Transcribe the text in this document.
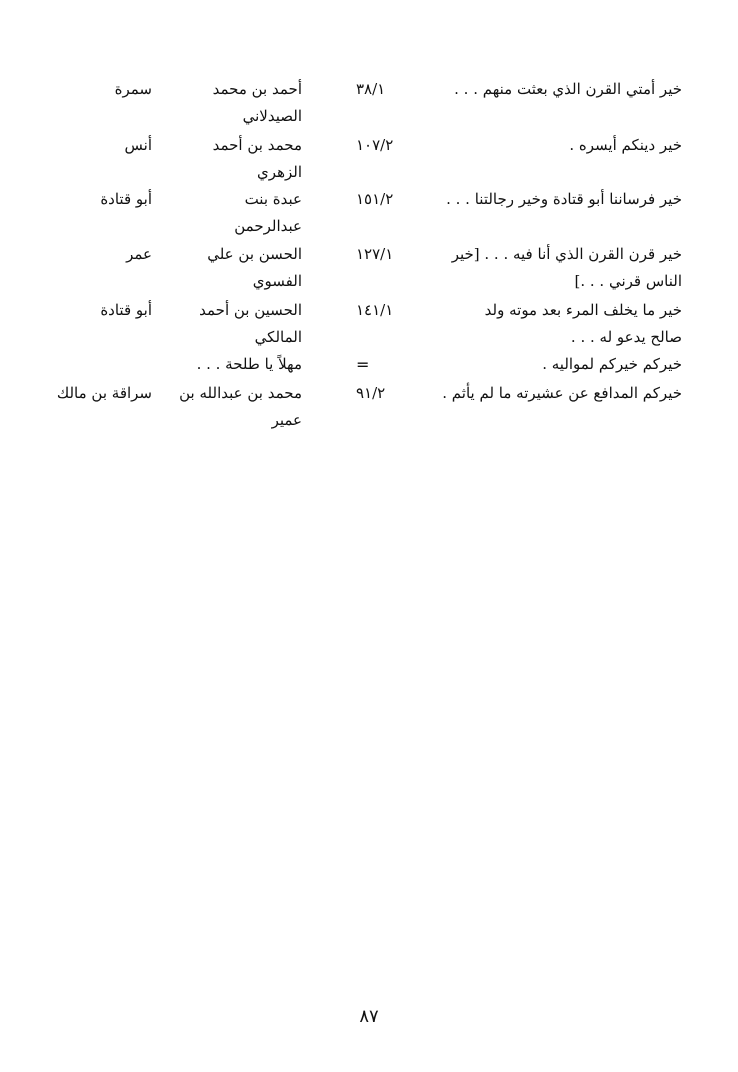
خير أمتي القرن الذي بعثت منهم . . .
٣٨/١
أحمد بن محمد
الصيدلاني
سمرة
خير دينكم أيسره .
١٠٧/٢
محمد بن أحمد
الزهري
أنس
خير فرساننا أبو قتادة وخير رجالتنا . . .
١٥١/٢
عبدة بنت
عبدالرحمن
أبو قتادة
خير قرن القرن الذي أنا فيه . . . [خير
الناس قرني . . .]
١٢٧/١
الحسن بن علي
الفسوي
عمر
خير ما يخلف المرء بعد موته ولد
صالح يدعو له . . .
١٤١/١
الحسين بن أحمد
المالكي
أبو قتادة
خيركم خيركم لمواليه .
=
مهلاً يا طلحة . . .
خيركم المدافع عن عشيرته ما لم يأثم .
٩١/٢
محمد بن عبدالله بن
عمير
سراقة بن مالك
٨٧
